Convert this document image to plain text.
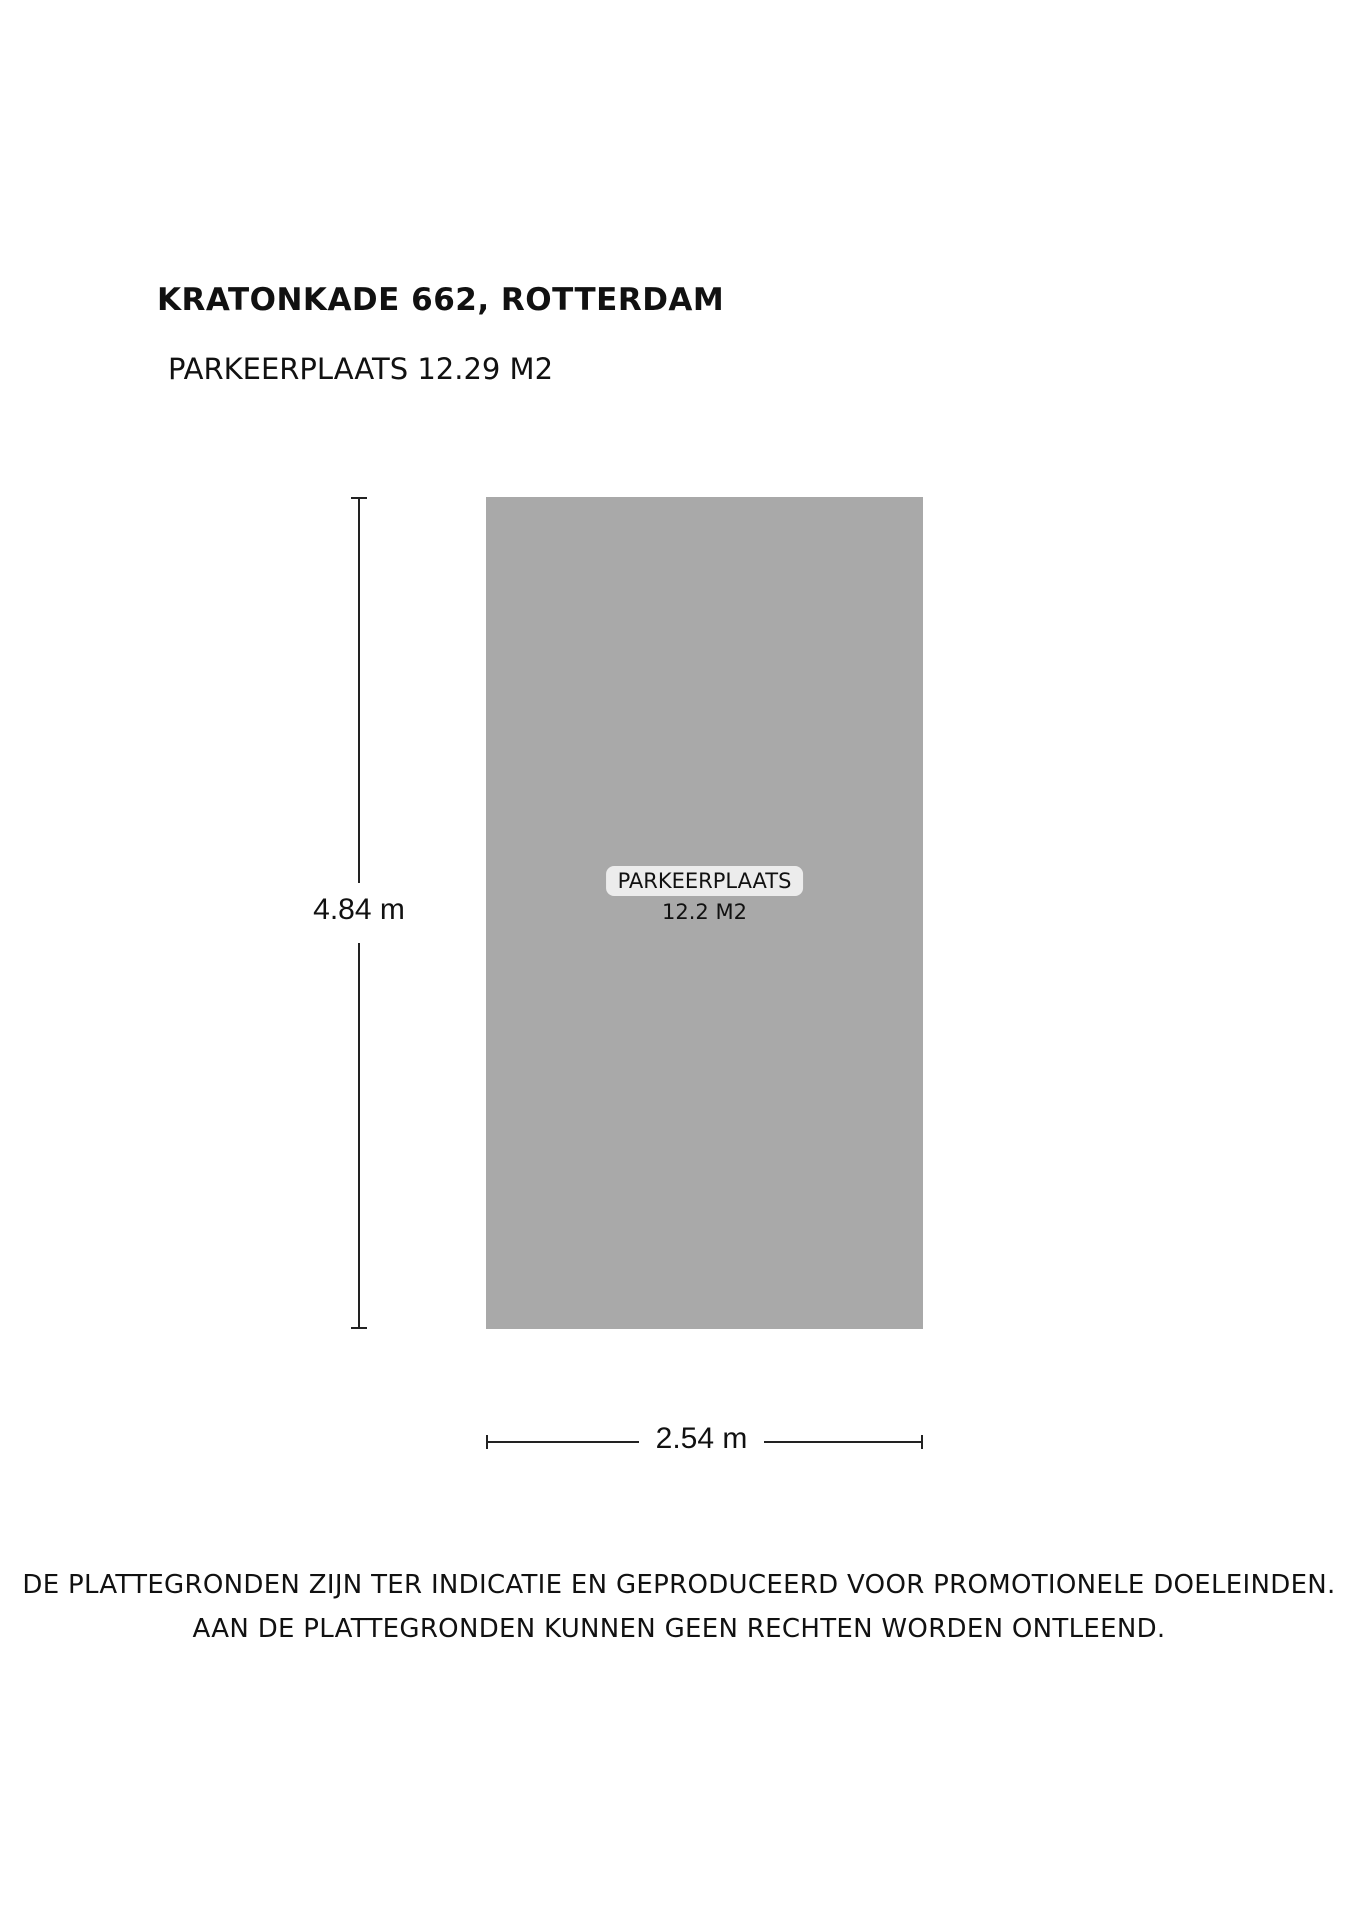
KRATONKADE 662, ROTTERDAM
PARKEERPLAATS 12.29 M2
4.84 m
PARKEERPLAATS
12.2 M2
2.54 m
DE PLATTEGRONDEN ZIJN TER INDICATIE EN GEPRODUCEERD VOOR PROMOTIONELE DOELEINDEN.
AAN DE PLATTEGRONDEN KUNNEN GEEN RECHTEN WORDEN ONTLEEND.
